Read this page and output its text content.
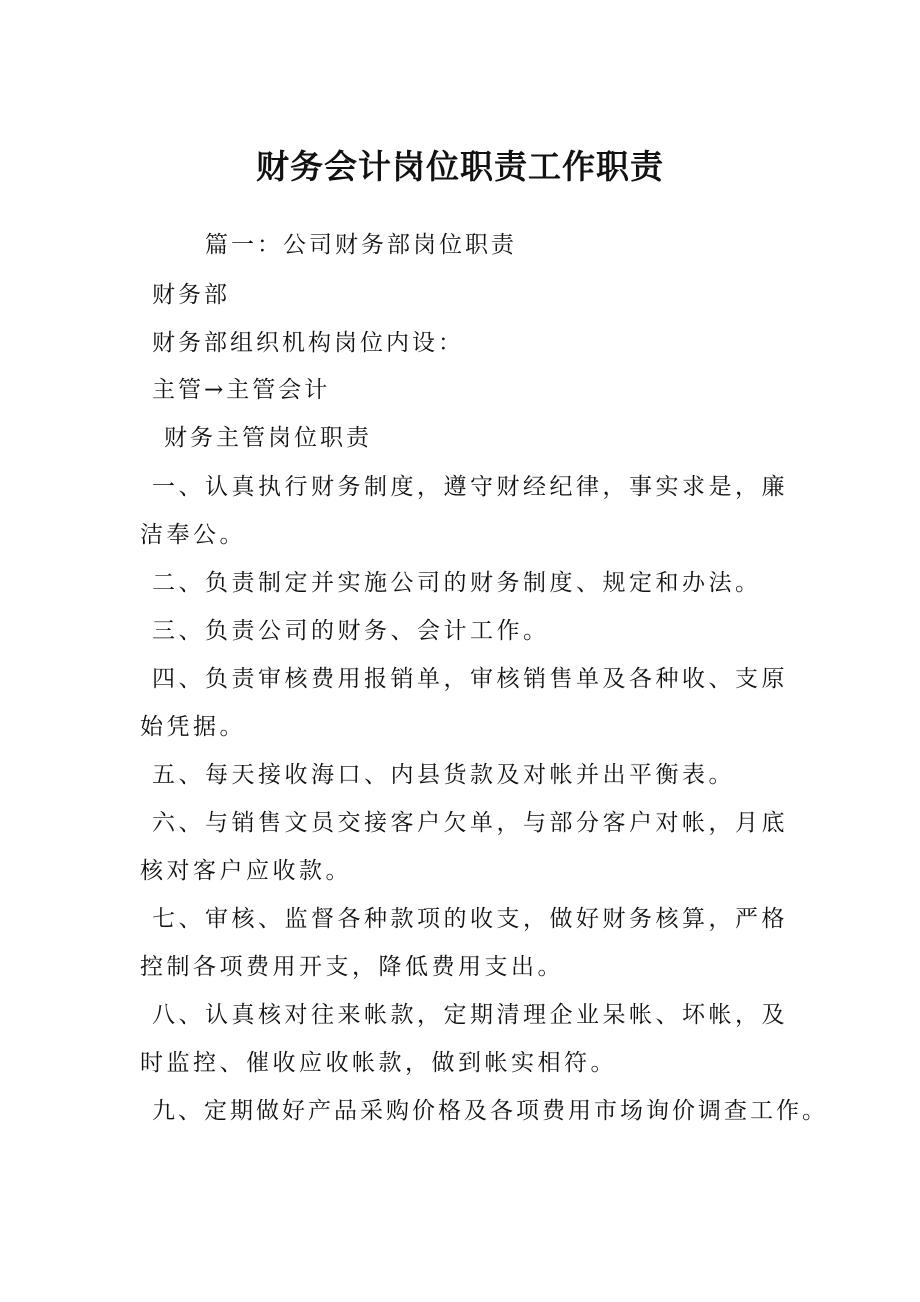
财务会计岗位职责工作职责

篇一：公司财务部岗位职责

财务部

财务部组织机构岗位内设：

主管→主管会计

财务主管岗位职责

一、认真执行财务制度，遵守财经纪律，事实求是，廉洁奉公。

二、负责制定并实施公司的财务制度、规定和办法。

三、负责公司的财务、会计工作。

四、负责审核费用报销单，审核销售单及各种收、支原始凭据。

五、每天接收海口、内县货款及对帐并出平衡表。

六、与销售文员交接客户欠单，与部分客户对帐，月底核对客户应收款。

七、审核、监督各种款项的收支，做好财务核算，严格控制各项费用开支，降低费用支出。

八、认真核对往来帐款，定期清理企业呆帐、坏帐，及时监控、催收应收帐款，做到帐实相符。

九、定期做好产品采购价格及各项费用市场询价调查工作。
